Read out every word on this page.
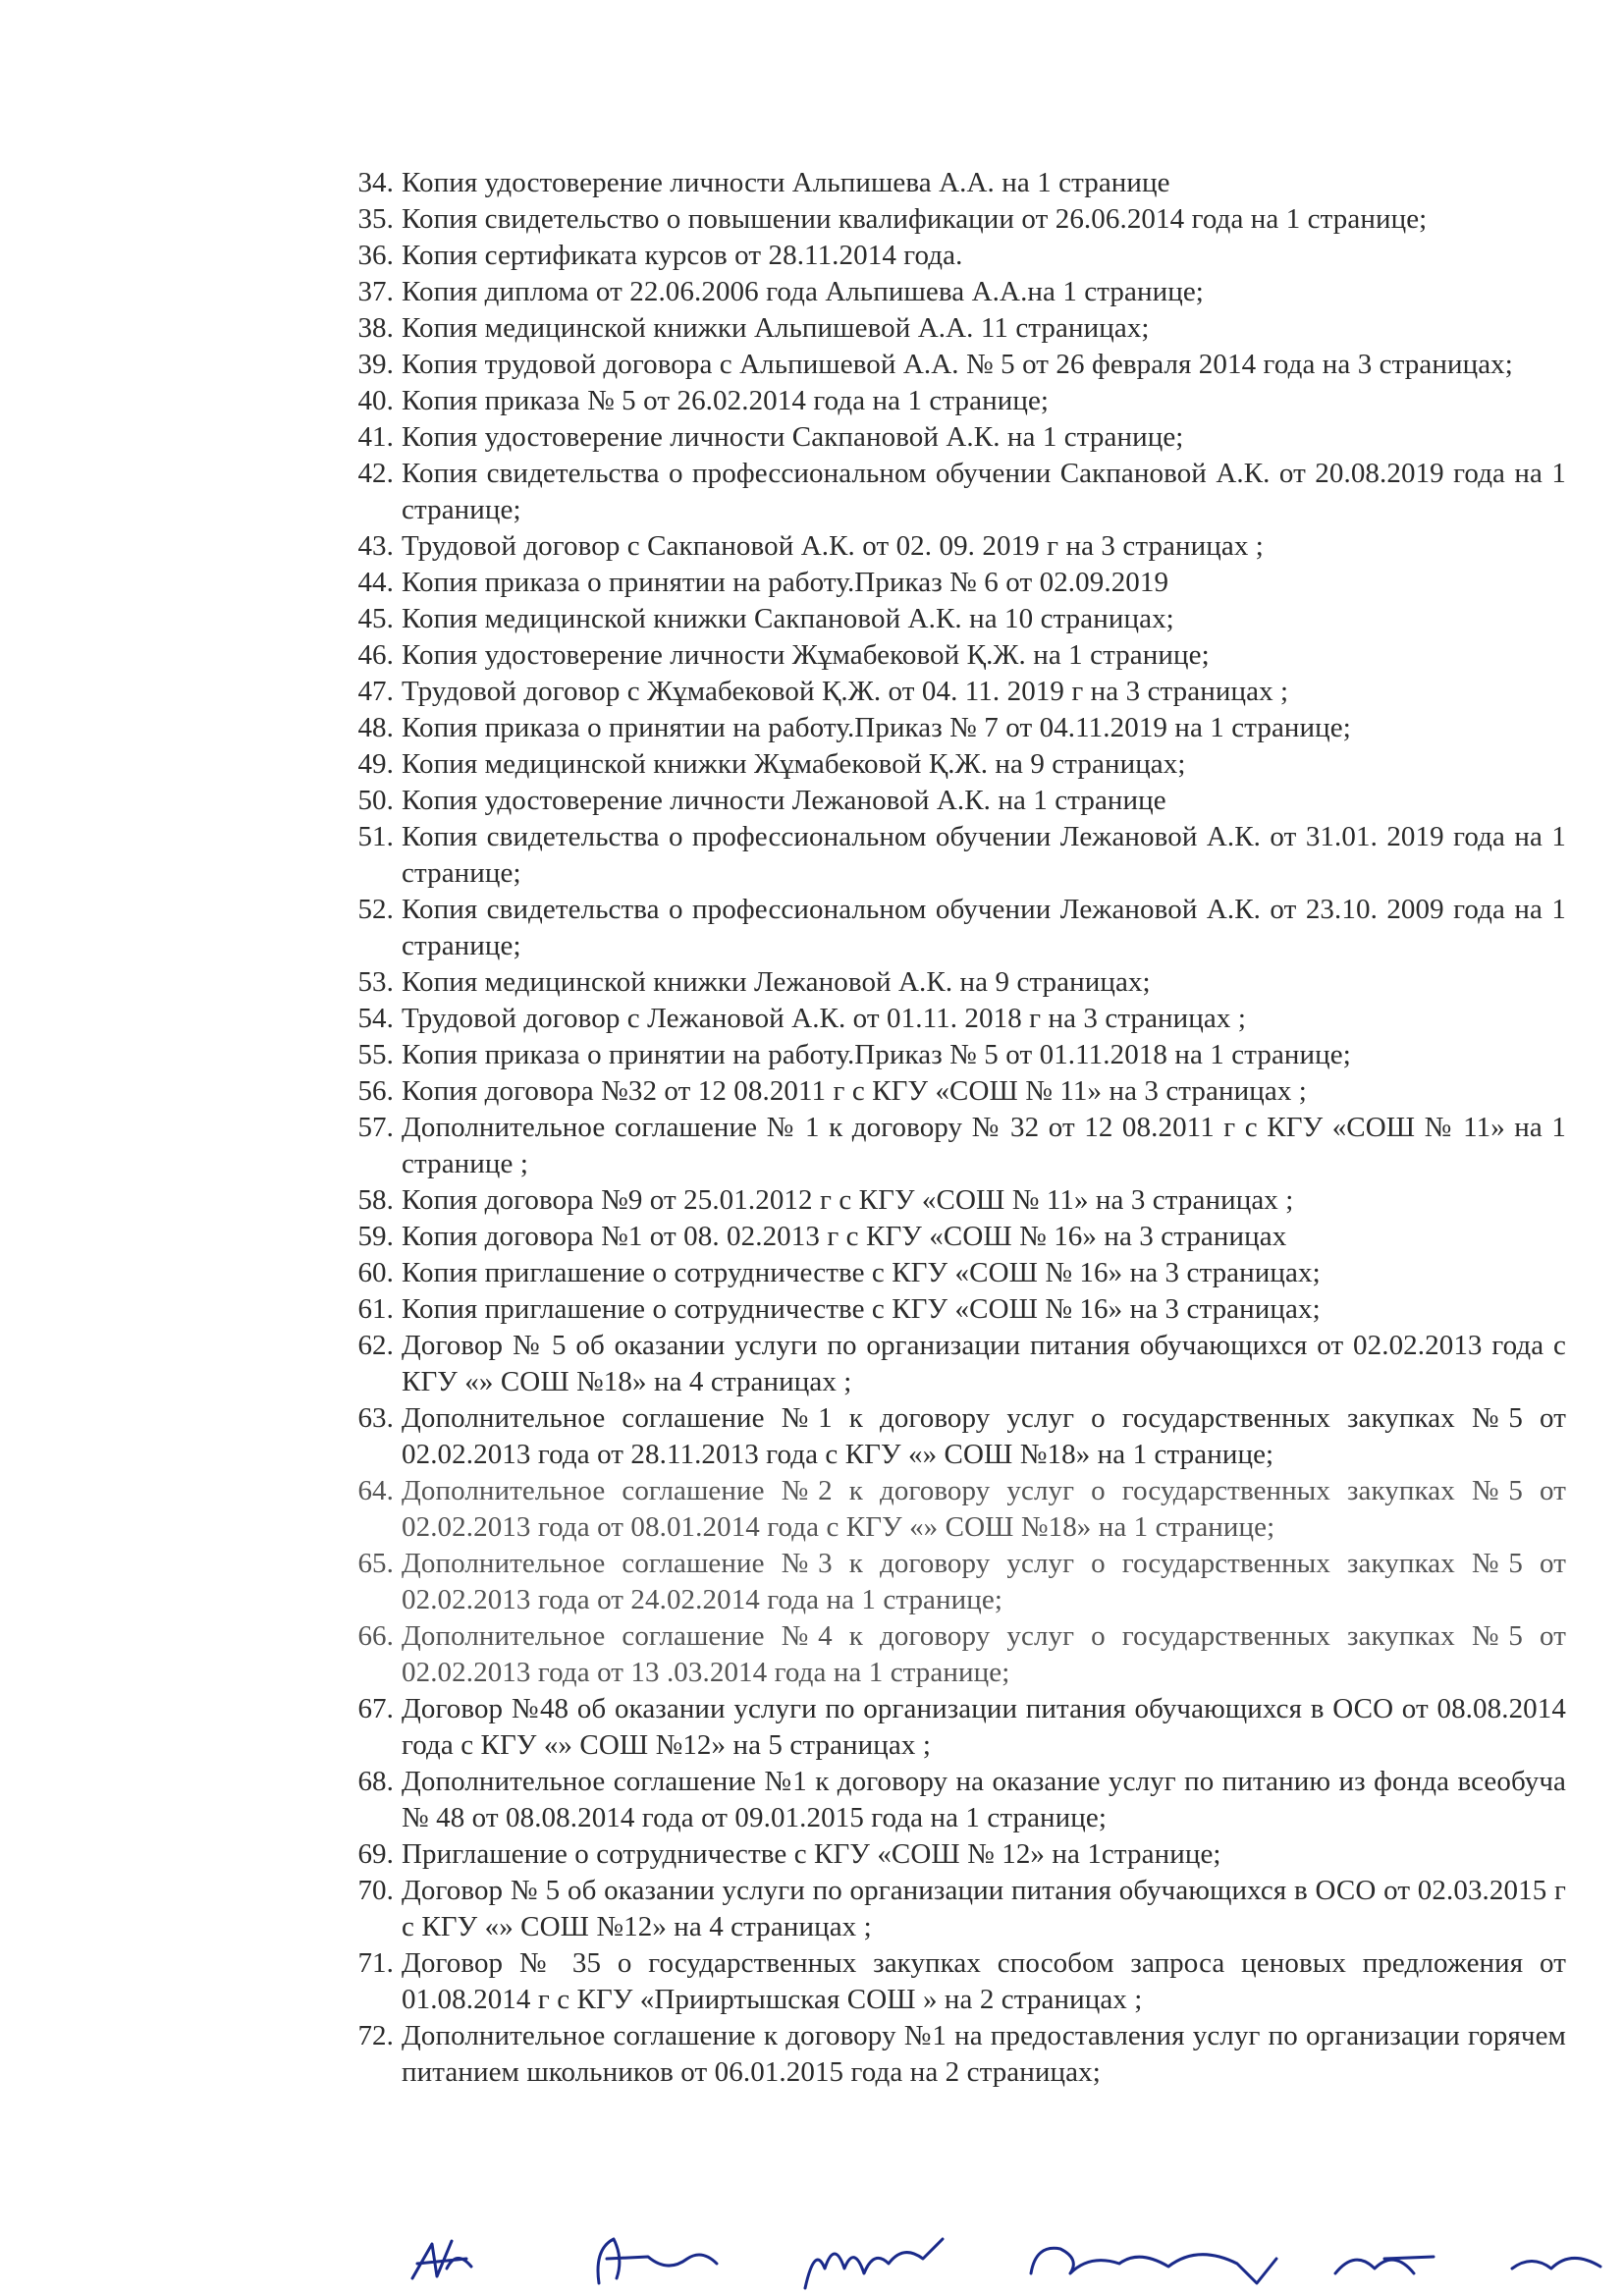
34. Копия удостоверение личности Альпишева А.А. на 1 странице
35. Копия свидетельство о повышении квалификации от 26.06.2014 года на 1 странице;
36. Копия сертификата курсов от 28.11.2014 года.
37. Копия диплома от 22.06.2006 года Альпишева А.А.на 1 странице;
38. Копия медицинской книжки Альпишевой А.А. 11 страницах;
39. Копия трудовой договора с Альпишевой А.А. № 5 от 26 февраля 2014 года на 3 страницах;
40. Копия приказа № 5 от 26.02.2014 года на 1 странице;
41. Копия удостоверение личности Сакпановой А.К. на 1 странице;
42. Копия свидетельства о профессиональном обучении Сакпановой А.К. от 20.08.2019 года на 1 странице;
43. Трудовой договор с Сакпановой А.К. от 02. 09. 2019 г на 3 страницах ;
44. Копия приказа о принятии на работу.Приказ № 6 от 02.09.2019
45. Копия медицинской книжки Сакпановой А.К. на 10 страницах;
46. Копия удостоверение личности Жұмабековой Қ.Ж. на 1 странице;
47. Трудовой договор с Жұмабековой Қ.Ж. от 04. 11. 2019 г на 3 страницах ;
48. Копия приказа о принятии на работу.Приказ № 7 от 04.11.2019 на 1 странице;
49. Копия медицинской книжки Жұмабековой Қ.Ж. на 9 страницах;
50. Копия удостоверение личности Лежановой А.К. на 1 странице
51. Копия свидетельства о профессиональном обучении Лежановой А.К. от 31.01. 2019 года на 1 странице;
52. Копия свидетельства о профессиональном обучении Лежановой А.К. от 23.10. 2009 года на 1 странице;
53. Копия медицинской книжки Лежановой А.К. на 9 страницах;
54. Трудовой договор с Лежановой А.К. от 01.11. 2018 г на 3 страницах ;
55. Копия приказа о принятии на работу.Приказ № 5 от 01.11.2018 на 1 странице;
56. Копия договора №32 от 12 08.2011 г с КГУ «СОШ № 11» на 3 страницах ;
57. Дополнительное соглашение № 1 к договору № 32 от 12 08.2011 г с КГУ «СОШ № 11» на 1 странице ;
58. Копия договора №9 от 25.01.2012 г с КГУ «СОШ № 11» на 3 страницах ;
59. Копия договора №1 от 08. 02.2013 г с КГУ «СОШ № 16» на 3 страницах
60. Копия приглашение о сотрудничестве с КГУ «СОШ № 16» на 3 страницах;
61. Копия приглашение о сотрудничестве с КГУ «СОШ № 16» на 3 страницах;
62. Договор № 5 об оказании услуги по организации питания обучающихся от 02.02.2013 года с КГУ «» СОШ №18» на 4 страницах ;
63. Дополнительное соглашение №1 к договору услуг о государственных закупках №5 от 02.02.2013 года от 28.11.2013 года с КГУ «» СОШ №18» на 1 странице;
64. Дополнительное соглашение №2 к договору услуг о государственных закупках №5 от 02.02.2013 года от 08.01.2014 года с КГУ «» СОШ №18» на 1 странице;
65. Дополнительное соглашение №3 к договору услуг о государственных закупках №5 от 02.02.2013 года от 24.02.2014 года на 1 странице;
66. Дополнительное соглашение №4 к договору услуг о государственных закупках №5 от 02.02.2013 года от 13 .03.2014 года на 1 странице;
67. Договор №48 об оказании услуги по организации питания обучающихся в ОСО от 08.08.2014 года с КГУ «» СОШ №12» на 5 страницах ;
68. Дополнительное соглашение №1 к договору на оказание услуг по питанию из фонда всеобуча № 48 от 08.08.2014 года от 09.01.2015 года на 1 странице;
69. Приглашение о сотрудничестве с КГУ «СОШ № 12» на 1странице;
70. Договор № 5 об оказании услуги по организации питания обучающихся в ОСО от 02.03.2015 г с КГУ «» СОШ №12» на 4 страницах ;
71. Договор № 35 о государственных закупках способом запроса ценовых предложения от 01.08.2014 г с КГУ «Прииртышская СОШ » на 2 страницах ;
72. Дополнительное соглашение к договору №1 на предоставления услуг по организации горячем питанием школьников от 06.01.2015 года на 2 страницах;
